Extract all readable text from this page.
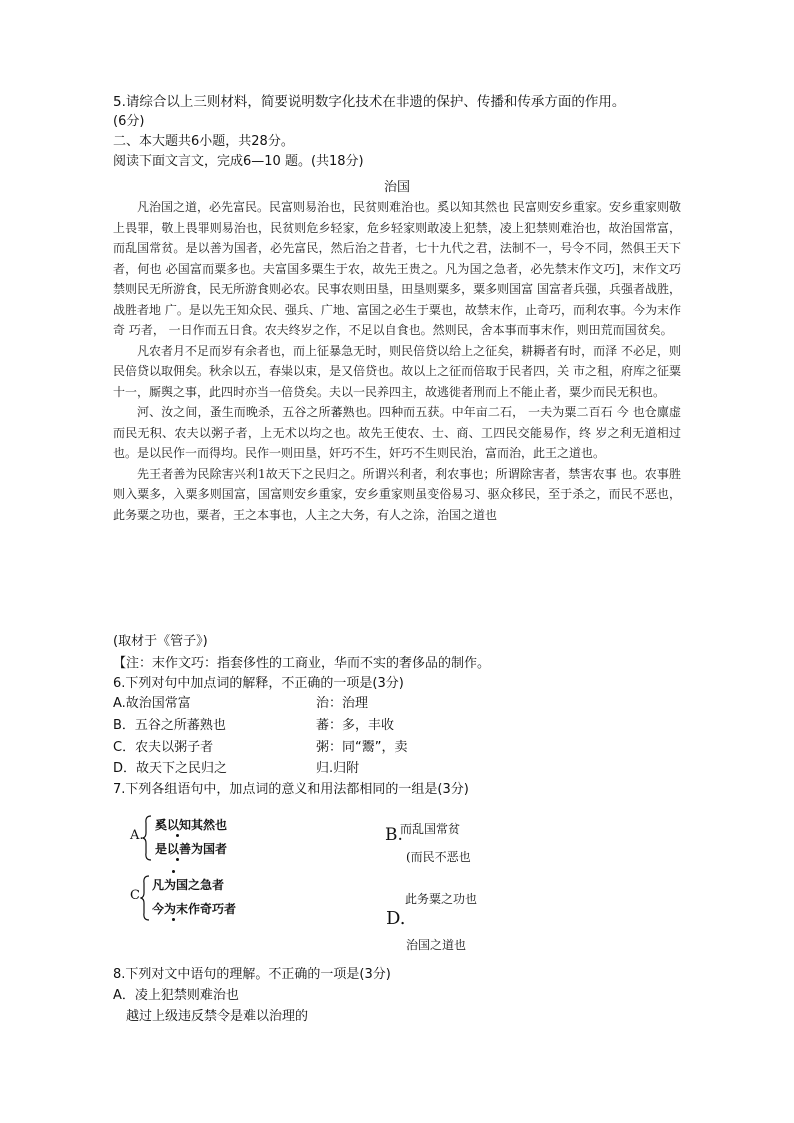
5.请综合以上三则材料，简要说明数字化技术在非遗的保护、传播和传承方面的作用。
(6分)
二、本大题共6小题，共28分。
阅读下面文言文，完成6—10 题。(共18分)
治国

凡治国之道，必先富民。民富则易治也，民贫则难治也。奚以知其然也 民富则安乡重家。安乡重家则敬上畏罪，敬上畏罪则易治也，民贫则危乡轻家，危乡轻家则敢凌上犯禁，凌上犯禁则难治也，故治国常富，而乱国常贫。是以善为国者，必先富民，然后治之昔者，七十九代之君，法制不一，号令不同，然俱王天下者，何也 必国富而粟多也。夫富国多粟生于农，故先王贵之。凡为国之急者，必先禁末作文巧]，末作文巧禁则民无所游食，民无所游食则必农。民事农则田垦，田垦则粟多，粟多则国富 国富者兵强，兵强者战胜，战胜者地 广。是以先王知众民、强兵、广地、富国之必生于粟也，故禁末作，止奇巧，而利农事。今为末作奇 巧者， 一日作而五日食。农夫终岁之作，不足以自食也。然则民，舍本事而事末作，则田荒而国贫矣。

凡农者月不足而岁有余者也，而上征暴急无时，则民倍贷以给上之征矣，耕耨者有时，而泽 不必足，则民倍贷以取佣矣。秋余以五，春粜以束，是又倍贷也。故以上之征而倍取于民者四，关 市之租，府库之征粟十一，厮舆之事，此四时亦当一倍贷矣。夫以一民养四主，故逃徙者刑而上不能止者，粟少而民无积也。

河、汝之间，蚤生而晚杀，五谷之所蕃熟也。四种而五获。中年亩二石， 一夫为粟二百石 今 也仓廪虚而民无积、农夫以粥子者，上无术以均之也。故先王使农、士、商、工四民交能易作，终 岁之利无道相过也。是以民作一而得均。民作一则田垦，奸巧不生，奸巧不生则民治，富而治，此王之道也。

先王者善为民除害兴利1故天下之民归之。所谓兴利者，利农事也；所谓除害者，禁害农事 也。农事胜则入粟多，入粟多则国富，国富则安乡重家，安乡重家则虽变俗易习、驱众移民，至于杀之，而民不恶也，此务粟之功也，粟者，王之本事也，人主之大务，有人之涂，治国之道也

(取材于《管子》)
【注：末作文巧：指套侈性的工商业，华而不实的奢侈品的制作。
6.下列对句中加点词的解释，不正确的一项是(3分)
A.故治国常富	治：治理
B．五谷之所蕃熟也	蕃：多，丰收
C．农夫以粥子者	粥：同“鬻”，卖
D．故天下之民归之	归.归附
7.下列各组语句中，加点词的意义和用法都相同的一组是(3分)
A.
奚以知其然也
是以善为国者
B.
而乱国常贫
(而民不恶也
C
凡为国之急者
今为末作奇巧者
此务粟之功也
D.
治国之道也
8.下列对文中语句的理解。不正确的一项是(3分)
A．凌上犯禁则难治也
越过上级违反禁令是难以治理的
